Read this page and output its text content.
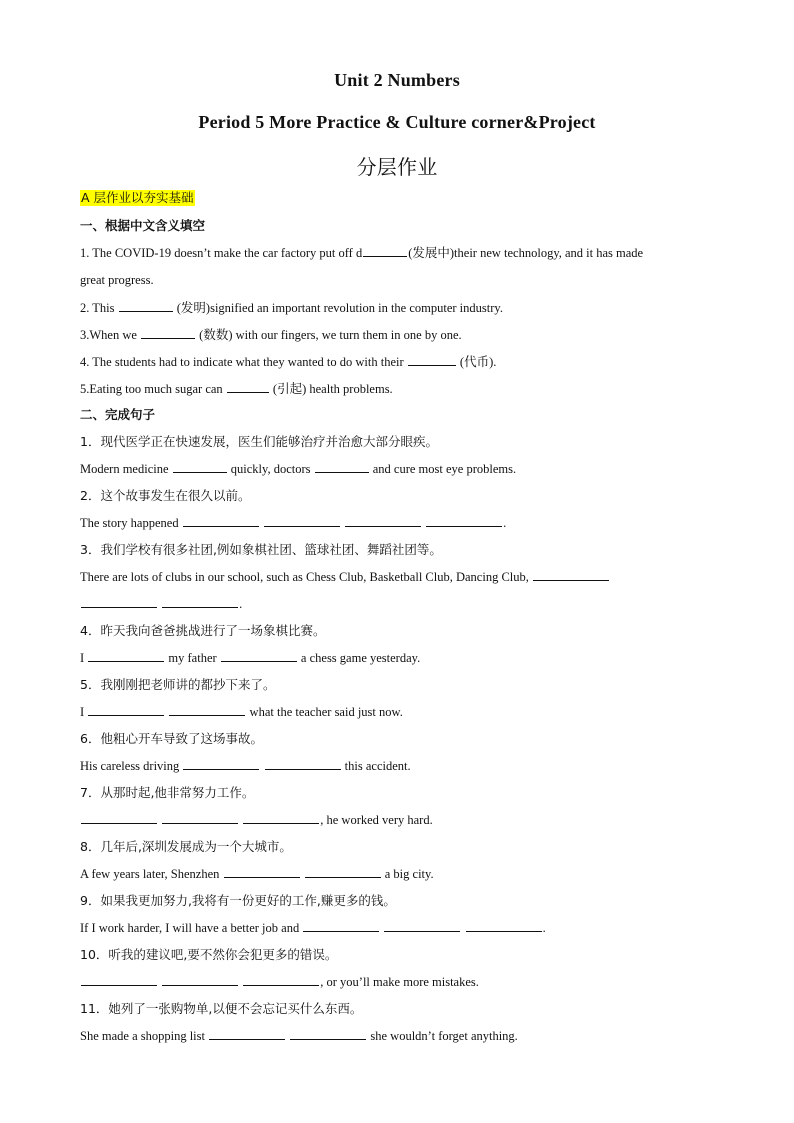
Unit 2 Numbers
Period 5 More Practice & Culture corner&Project
分层作业
A 层作业以夯实基础
一、根据中文含义填空
1. The COVID-19 doesn’t make the car factory put off d	(发展中)their new technology, and it has made
great progress.
2. This	(发明)signified an important revolution in the computer industry.
3.When we	(数数) with our fingers, we turn them in one by one.
4. The students had to indicate what they wanted to do with their	(代币).
5.Eating too much sugar can	(引起) health problems.
二、完成句子
1．现代医学正在快速发展，医生们能够治疗并治愈大部分眼疾。
Modern medicine	quickly, doctors	and cure most eye problems.
2．这个故事发生在很久以前。
The story happened	.
3．我们学校有很多社团,例如象棋社团、篮球社团、舞蹈社团等。
There are lots of clubs in our school, such as Chess Club, Basketball Club, Dancing Club,
.
4．昨天我向爸爸挑战进行了一场象棋比赛。
I	my father	a chess game yesterday.
5．我刚刚把老师讲的都抄下来了。
I	what the teacher said just now.
6．他粗心开车导致了这场事故。
His careless driving	this accident.
7．从那时起,他非常努力工作。
, he worked very hard.
8．几年后,深圳发展成为一个大城市。
A few years later, Shenzhen	a big city.
9．如果我更加努力,我将有一份更好的工作,赚更多的钱。
If I work harder, I will have a better job and	.
10．听我的建议吧,要不然你会犯更多的错误。
, or you’ll make more mistakes.
11．她列了一张购物单,以便不会忘记买什么东西。
She made a shopping list	she wouldn’t forget anything.
